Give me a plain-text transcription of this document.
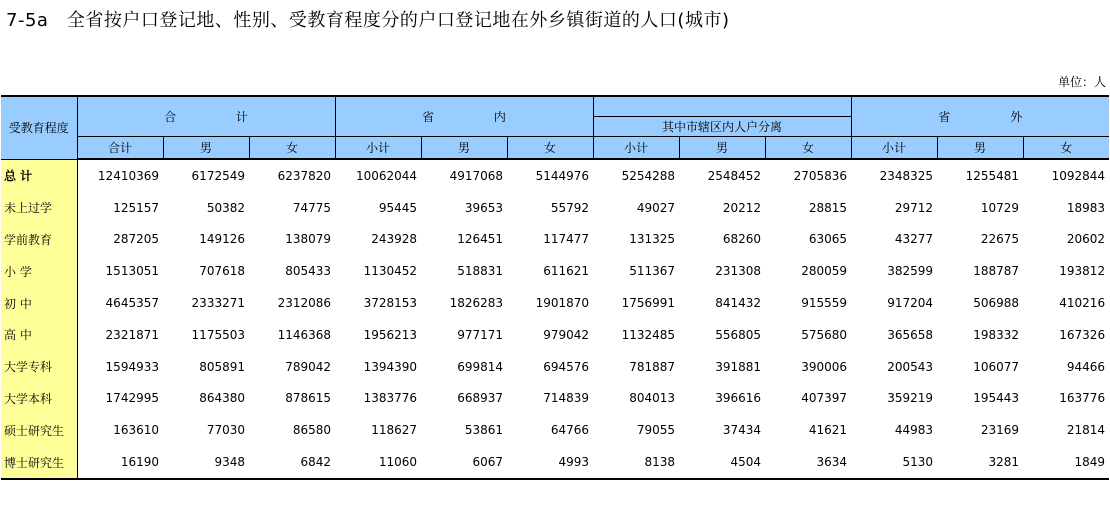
7-5a　全省按户口登记地、性别、受教育程度分的户口登记地在外乡镇街道的人口(城市)
单位：人
受教育程度	合 计			省 内						省 外		
							其中市辖区内人户分离					
	合计	男	女	小计	男	女	小计	男	女	小计	男	女
总 计	12410369	6172549	6237820	10062044	4917068	5144976	5254288	2548452	2705836	2348325	1255481	1092844
未上过学	125157	50382	74775	95445	39653	55792	49027	20212	28815	29712	10729	18983
学前教育	287205	149126	138079	243928	126451	117477	131325	68260	63065	43277	22675	20602
小 学	1513051	707618	805433	1130452	518831	611621	511367	231308	280059	382599	188787	193812
初 中	4645357	2333271	2312086	3728153	1826283	1901870	1756991	841432	915559	917204	506988	410216
高 中	2321871	1175503	1146368	1956213	977171	979042	1132485	556805	575680	365658	198332	167326
大学专科	1594933	805891	789042	1394390	699814	694576	781887	391881	390006	200543	106077	94466
大学本科	1742995	864380	878615	1383776	668937	714839	804013	396616	407397	359219	195443	163776
硕士研究生	163610	77030	86580	118627	53861	64766	79055	37434	41621	44983	23169	21814
博士研究生	16190	9348	6842	11060	6067	4993	8138	4504	3634	5130	3281	1849
